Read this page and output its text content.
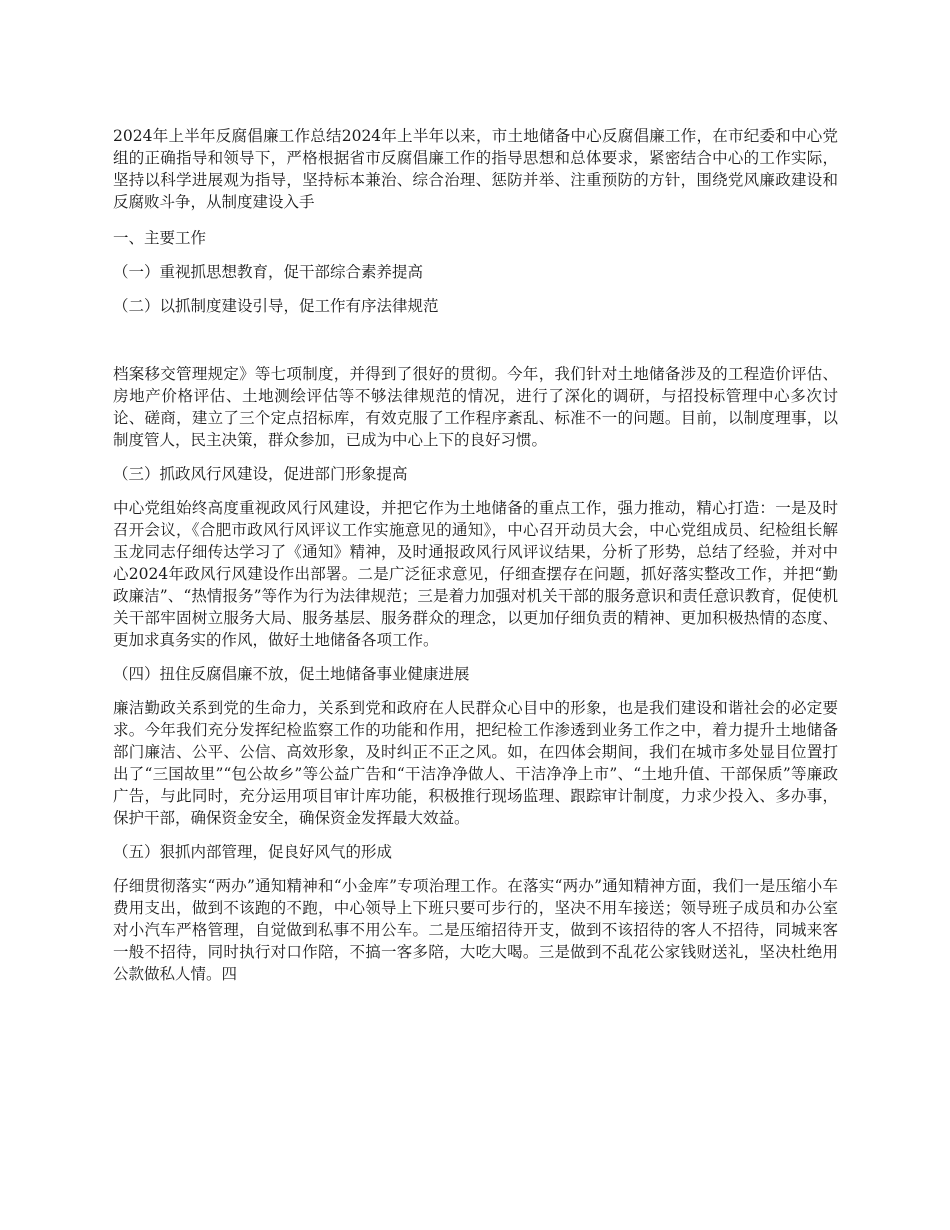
2024年上半年反腐倡廉工作总结2024年上半年以来，市土地储备中心反腐倡廉工作，在市纪委和中心党组的正确指导和领导下，严格根据省市反腐倡廉工作的指导思想和总体要求，紧密结合中心的工作实际，坚持以科学进展观为指导，坚持标本兼治、综合治理、惩防并举、注重预防的方针，围绕党风廉政建设和反腐败斗争，从制度建设入手

一、主要工作

（一）重视抓思想教育，促干部综合素养提高

（二）以抓制度建设引导，促工作有序法律规范

档案移交管理规定》等七项制度，并得到了很好的贯彻。今年，我们针对土地储备涉及的工程造价评估、房地产价格评估、土地测绘评估等不够法律规范的情况，进行了深化的调研，与招投标管理中心多次讨论、磋商，建立了三个定点招标库，有效克服了工作程序紊乱、标准不一的问题。目前，以制度理事，以制度管人，民主决策，群众参加，已成为中心上下的良好习惯。

（三）抓政风行风建设，促进部门形象提高

中心党组始终高度重视政风行风建设，并把它作为土地储备的重点工作，强力推动，精心打造：一是及时召开会议，《合肥市政风行风评议工作实施意见的通知》，中心召开动员大会，中心党组成员、纪检组长解玉龙同志仔细传达学习了《通知》精神，及时通报政风行风评议结果，分析了形势，总结了经验，并对中心2024年政风行风建设作出部署。二是广泛征求意见，仔细查摆存在问题，抓好落实整改工作，并把“勤政廉洁”、“热情报务”等作为行为法律规范；三是着力加强对机关干部的服务意识和责任意识教育，促使机关干部牢固树立服务大局、服务基层、服务群众的理念，以更加仔细负责的精神、更加积极热情的态度、更加求真务实的作风，做好土地储备各项工作。

（四）扭住反腐倡廉不放，促土地储备事业健康进展

廉洁勤政关系到党的生命力，关系到党和政府在人民群众心目中的形象，也是我们建设和谐社会的必定要求。今年我们充分发挥纪检监察工作的功能和作用，把纪检工作渗透到业务工作之中，着力提升土地储备部门廉洁、公平、公信、高效形象，及时纠正不正之风。如，在四体会期间，我们在城市多处显目位置打出了“三国故里”“包公故乡”等公益广告和“干洁净净做人、干洁净净上市”、“土地升值、干部保质”等廉政广告，与此同时，充分运用项目审计库功能，积极推行现场监理、跟踪审计制度，力求少投入、多办事，保护干部，确保资金安全，确保资金发挥最大效益。

（五）狠抓内部管理，促良好风气的形成

仔细贯彻落实“两办”通知精神和“小金库”专项治理工作。在落实“两办”通知精神方面，我们一是压缩小车费用支出，做到不该跑的不跑，中心领导上下班只要可步行的，坚决不用车接送；领导班子成员和办公室对小汽车严格管理，自觉做到私事不用公车。二是压缩招待开支，做到不该招待的客人不招待，同城来客一般不招待，同时执行对口作陪，不搞一客多陪，大吃大喝。三是做到不乱花公家钱财送礼，坚决杜绝用公款做私人情。四
